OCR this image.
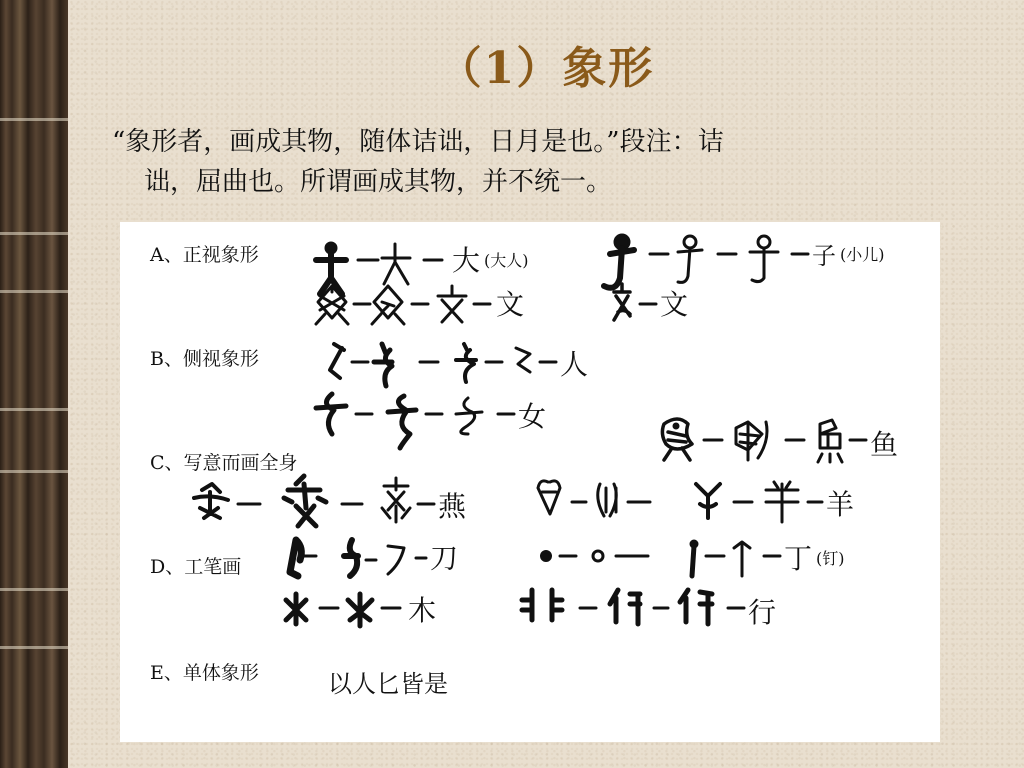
（1）象形
“象形者，画成其物，随体诘诎，日月是也。”段注：诘
诎，屈曲也。所谓画成其物，并不统一。
A、正视象形
B、侧视象形
C、写意而画全身
D、工笔画
E、单体象形
大	子
文	文
人
女
鱼
燕	羊
刀	丁
木	行
(大人)	(小儿)
(钉)
以人匕皆是
